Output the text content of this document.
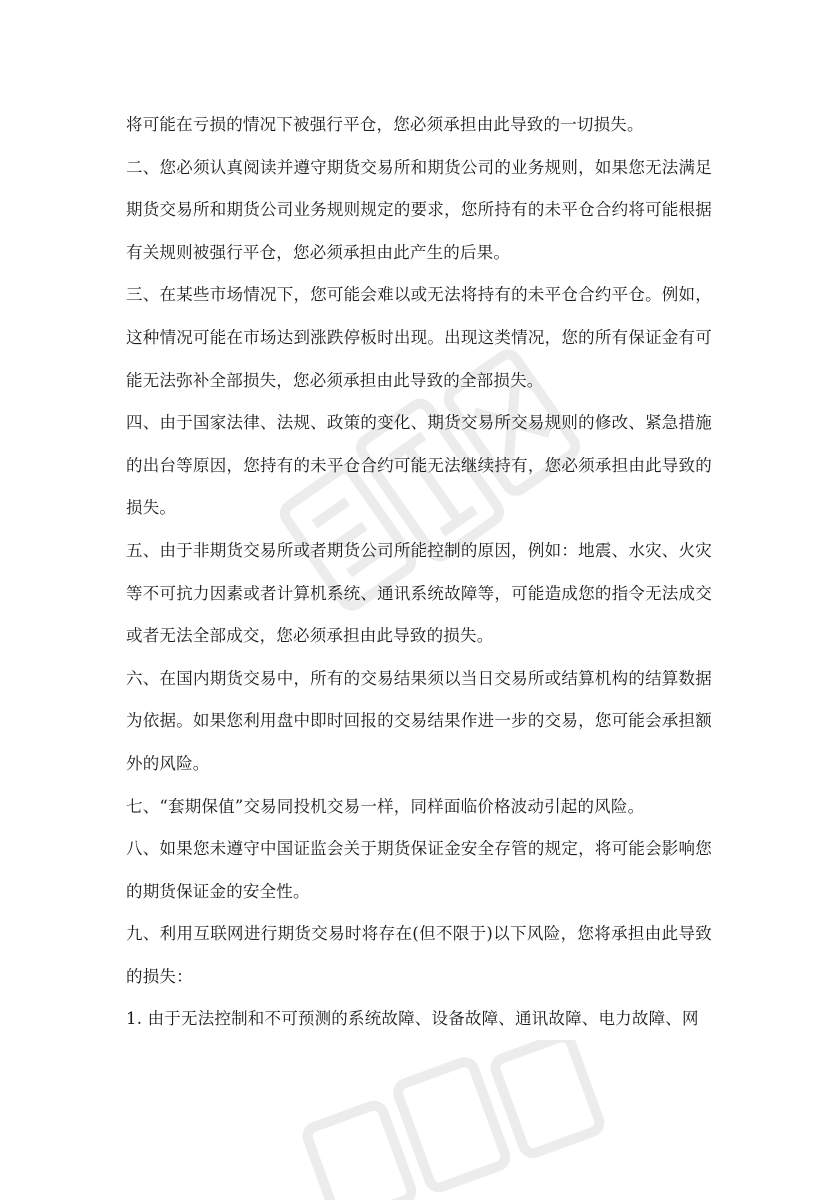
将可能在亏损的情况下被强行平仓，您必须承担由此导致的一切损失。

二、您必须认真阅读并遵守期货交易所和期货公司的业务规则，如果您无法满足期货交易所和期货公司业务规则规定的要求，您所持有的未平仓合约将可能根据有关规则被强行平仓，您必须承担由此产生的后果。

三、在某些市场情况下，您可能会难以或无法将持有的未平仓合约平仓。例如，这种情况可能在市场达到涨跌停板时出现。出现这类情况，您的所有保证金有可能无法弥补全部损失，您必须承担由此导致的全部损失。

四、由于国家法律、法规、政策的变化、期货交易所交易规则的修改、紧急措施的出台等原因，您持有的未平仓合约可能无法继续持有，您必须承担由此导致的损失。

五、由于非期货交易所或者期货公司所能控制的原因，例如：地震、水灾、火灾等不可抗力因素或者计算机系统、通讯系统故障等，可能造成您的指令无法成交或者无法全部成交，您必须承担由此导致的损失。

六、在国内期货交易中，所有的交易结果须以当日交易所或结算机构的结算数据为依据。如果您利用盘中即时回报的交易结果作进一步的交易，您可能会承担额外的风险。

七、“套期保值”交易同投机交易一样，同样面临价格波动引起的风险。

八、如果您未遵守中国证监会关于期货保证金安全存管的规定，将可能会影响您的期货保证金的安全性。

九、利用互联网进行期货交易时将存在(但不限于)以下风险，您将承担由此导致的损失：

1. 由于无法控制和不可预测的系统故障、设备故障、通讯故障、电力故障、网
